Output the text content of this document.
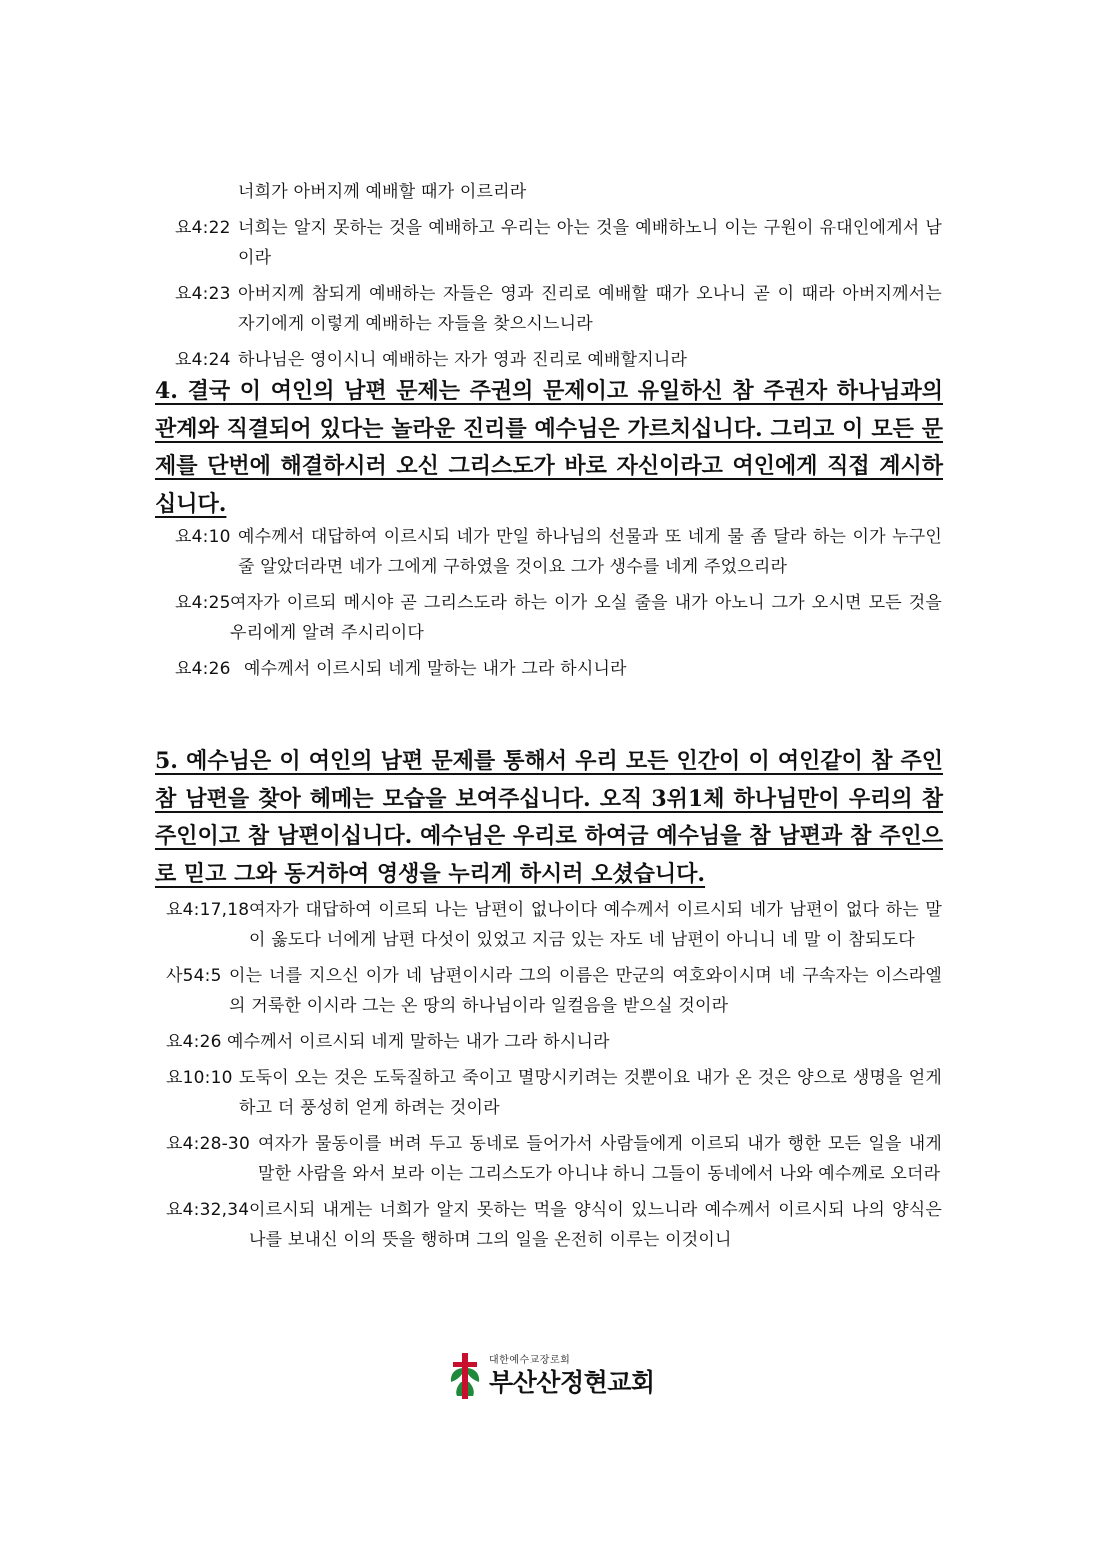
너희가 아버지께 예배할 때가 이르리라
요4:22 너희는 알지 못하는 것을 예배하고 우리는 아는 것을 예배하노니 이는 구원이 유대인에게서 남이라
요4:23 아버지께 참되게 예배하는 자들은 영과 진리로 예배할 때가 오나니 곧 이 때라 아버지께서는 자기에게 이렇게 예배하는 자들을 찾으시느니라
요4:24 하나님은 영이시니 예배하는 자가 영과 진리로 예배할지니라

4. 결국 이 여인의 남편 문제는 주권의 문제이고 유일하신 참 주권자 하나님과의 관계와 직결되어 있다는 놀라운 진리를 예수님은 가르치십니다. 그리고 이 모든 문제를 단번에 해결하시러 오신 그리스도가 바로 자신이라고 여인에게 직접 계시하십니다.

요4:10 예수께서 대답하여 이르시되 네가 만일 하나님의 선물과 또 네게 물 좀 달라 하는 이가 누구인 줄 알았더라면 네가 그에게 구하였을 것이요 그가 생수를 네게 주었으리라
요4:25 여자가 이르되 메시야 곧 그리스도라 하는 이가 오실 줄을 내가 아노니 그가 오시면 모든 것을 우리에게 알려 주시리이다
요4:26 예수께서 이르시되 네게 말하는 내가 그라 하시니라

5. 예수님은 이 여인의 남편 문제를 통해서 우리 모든 인간이 이 여인같이 참 주인 참 남편을 찾아 헤메는 모습을 보여주십니다. 오직 3위1체 하나님만이 우리의 참 주인이고 참 남편이십니다. 예수님은 우리로 하여금 예수님을 참 남편과 참 주인으로 믿고 그와 동거하여 영생을 누리게 하시러 오셨습니다.

요4:17,18 여자가 대답하여 이르되 나는 남편이 없나이다 예수께서 이르시되 네가 남편이 없다 하는 말이 옳도다 너에게 남편 다섯이 있었고 지금 있는 자도 네 남편이 아니니 네 말 이 참되도다
사54:5 이는 너를 지으신 이가 네 남편이시라 그의 이름은 만군의 여호와이시며 네 구속자는 이스라엘의 거룩한 이시라 그는 온 땅의 하나님이라 일컬음을 받으실 것이라
요4:26 예수께서 이르시되 네게 말하는 내가 그라 하시니라
요10:10 도둑이 오는 것은 도둑질하고 죽이고 멸망시키려는 것뿐이요 내가 온 것은 양으로 생명을 얻게 하고 더 풍성히 얻게 하려는 것이라
요4:28-30 여자가 물동이를 버려 두고 동네로 들어가서 사람들에게 이르되 내가 행한 모든 일을 내게 말한 사람을 와서 보라 이는 그리스도가 아니냐 하니 그들이 동네에서 나와 예수께로 오더라
요4:32,34 이르시되 내게는 너희가 알지 못하는 먹을 양식이 있느니라 예수께서 이르시되 나의 양식은 나를 보내신 이의 뜻을 행하며 그의 일을 온전히 이루는 이것이니
대한예수교장로회
부산산정현교회
